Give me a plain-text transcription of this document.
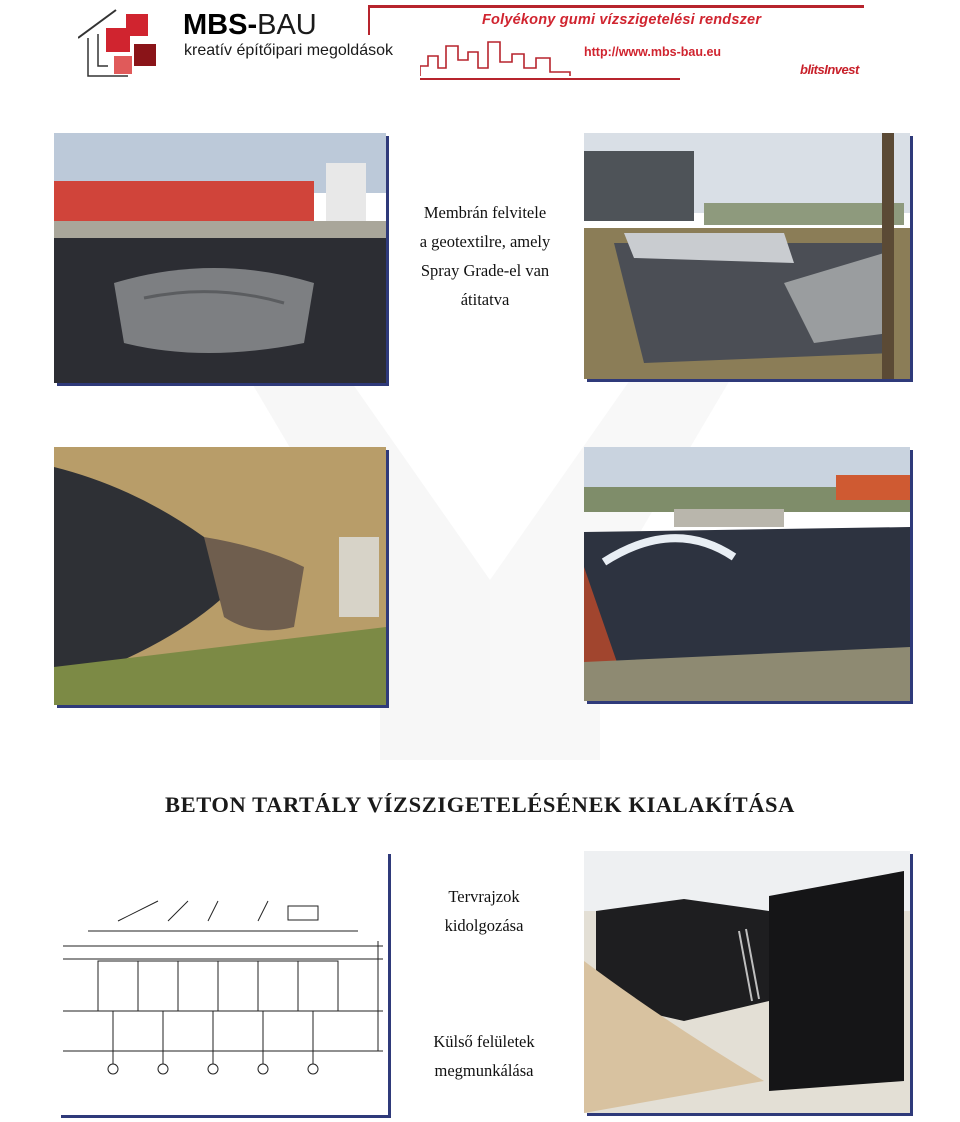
MBS-BAU
kreatív építőipari megoldások
Folyékony gumi vízszigetelési rendszer
http://www.mbs-bau.eu
blitsInvest
Membrán felvitele
a geotextilre, amely
Spray Grade-el van
átitatva
BETON TARTÁLY VÍZSZIGETELÉSÉNEK KIALAKÍTÁSA
Tervrajzok
kidolgozása
Külső felületek
megmunkálása
